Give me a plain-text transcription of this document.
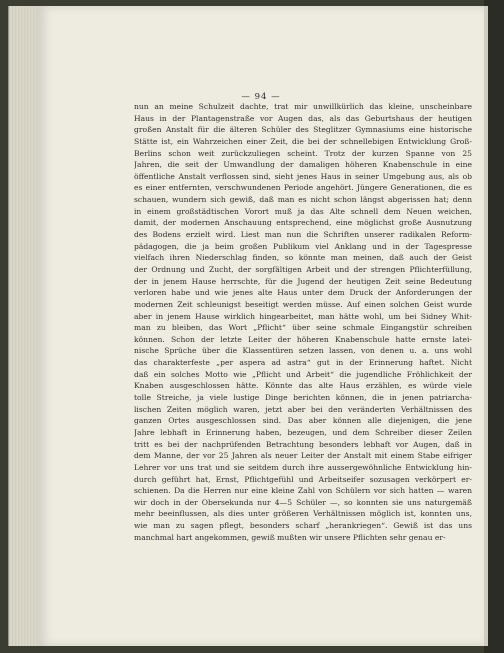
— 94 —
nun an meine Schulzeit dachte, trat mir unwillkürlich das kleine, unscheinbare
Haus in der Plantagenstraße vor Augen das, als das Geburtshaus der heutigen
großen Anstalt für die älteren Schüler des Steglitzer Gymnasiums eine historische
Stätte ist, ein Wahrzeichen einer Zeit, die bei der schnellebigen Entwicklung Groß-
Berlins schon weit zurückzuliegen scheint. Trotz der kurzen Spanne von 25
Jahren, die seit der Umwandlung der damaligen höheren Knabenschule in eine
öffentliche Anstalt verflossen sind, sieht jenes Haus in seiner Umgebung aus, als ob
es einer entfernten, verschwundenen Periode angehört. Jüngere Generationen, die es
schauen, wundern sich gewiß, daß man es nicht schon längst abgerissen hat; denn
in einem großstädtischen Vorort muß ja das Alte schnell dem Neuen weichen,
damit, der modernen Anschauung entsprechend, eine möglichst große Ausnutzung
des Bodens erzielt wird. Liest man nun die Schriften unserer radikalen Reform-
pädagogen, die ja beim großen Publikum viel Anklang und in der Tagespresse
vielfach ihren Niederschlag finden, so könnte man meinen, daß auch der Geist
der Ordnung und Zucht, der sorgfältigen Arbeit und der strengen Pflichterfüllung,
der in jenem Hause herrschte, für die Jugend der heutigen Zeit seine Bedeutung
verloren habe und wie jenes alte Haus unter dem Druck der Anforderungen der
modernen Zeit schleunigst beseitigt werden müsse. Auf einen solchen Geist wurde
aber in jenem Hause wirklich hingearbeitet, man hätte wohl, um bei Sidney Whit-
man zu bleiben, das Wort „Pflicht“ über seine schmale Eingangstür schreiben
können. Schon der letzte Leiter der höheren Knabenschule hatte ernste latei-
nische Sprüche über die Klassentüren setzen lassen, von denen u. a. uns wohl
das charakterfeste „per aspera ad astra“ gut in der Erinnerung haftet. Nicht
daß ein solches Motto wie „Pflicht und Arbeit“ die jugendliche Fröhlichkeit der
Knaben ausgeschlossen hätte. Könnte das alte Haus erzählen, es würde viele
tolle Streiche, ja viele lustige Dinge berichten können, die in jenen patriarcha-
lischen Zeiten möglich waren, jetzt aber bei den veränderten Verhältnissen des
ganzen Ortes ausgeschlossen sind. Das aber können alle diejenigen, die jene
Jahre lebhaft in Erinnerung haben, bezeugen, und dem Schreiber dieser Zeilen
tritt es bei der nachprüfenden Betrachtung besonders lebhaft vor Augen, daß in
dem Manne, der vor 25 Jahren als neuer Leiter der Anstalt mit einem Stabe eifriger
Lehrer vor uns trat und sie seitdem durch ihre aussergewöhnliche Entwicklung hin-
durch geführt hat, Ernst, Pflichtgefühl und Arbeitseifer sozusagen verkörpert er-
schienen. Da die Herren nur eine kleine Zahl von Schülern vor sich hatten — waren
wir doch in der Obersekunda nur 4—5 Schüler —, so konnten sie uns naturgemäß
mehr beeinflussen, als dies unter größeren Verhältnissen möglich ist, konnten uns,
wie man zu sagen pflegt, besonders scharf „herankriegen“. Gewiß ist das uns
manchmal hart angekommen, gewiß mußten wir unsere Pflichten sehr genau er-
